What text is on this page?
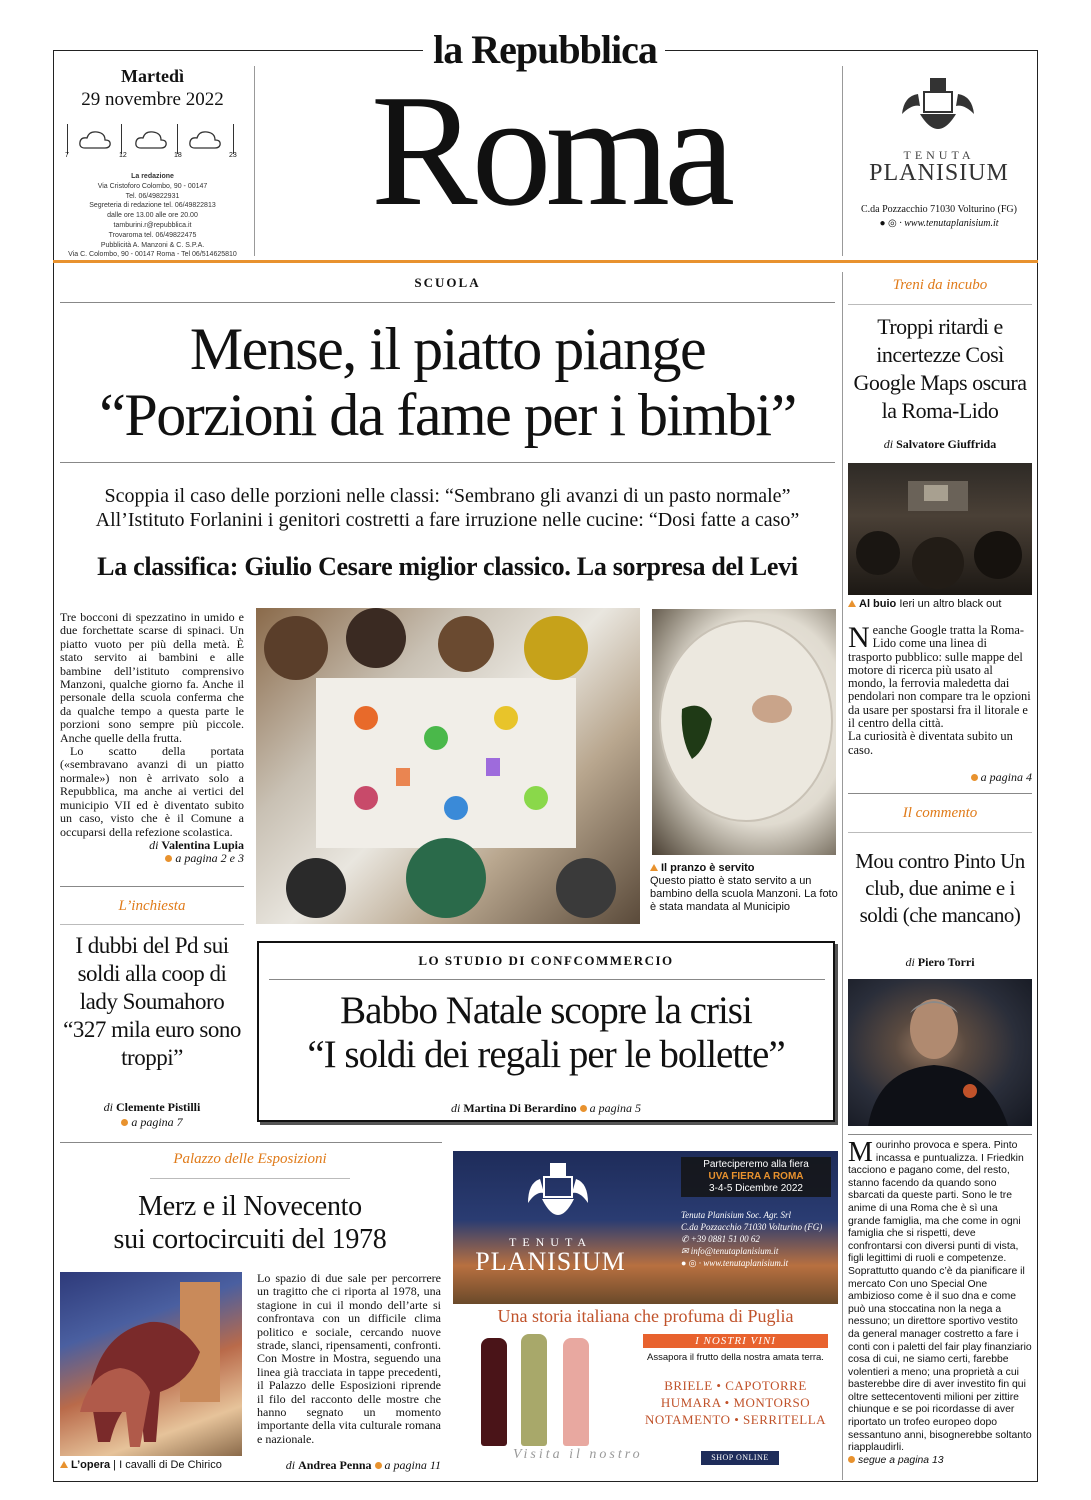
la Repubblica
Roma
Martedì
29 novembre 2022
7	12	18	23
La redazione
Via Cristoforo Colombo, 90 - 00147
Tel. 06/49822931
Segreteria di redazione tel. 06/49822813
dalle ore 13.00 alle ore 20.00
tamburini.r@repubblica.it
Trovaroma tel. 06/49822475
Pubblicità A. Manzoni & C. S.P.A.
Via C. Colombo, 90 - 00147 Roma - Tel 06/514625810
TENUTA
PLANISIUM
C.da Pozzacchio 71030 Volturino (FG)
● ◎ · www.tenutaplanisium.it
SCUOLA
Mense, il piatto piange
“Porzioni da fame per i bimbi”
Scoppia il caso delle porzioni nelle classi: “Sembrano gli avanzi di un pasto normale”
All’Istituto Forlanini i genitori costretti a fare irruzione nelle cucine: “Dosi fatte a caso”
La classifica: Giulio Cesare miglior classico. La sorpresa del Levi

Tre bocconi di spezzatino in umido e due forchettate scarse di spinaci. Un piatto vuoto per più della metà. È stato servito ai bambini e alle bambine dell’istituto comprensivo Manzoni, qualche giorno fa. Anche il personale della scuola conferma che da qualche tempo a questa parte le porzioni sono sempre più piccole. Anche quelle della frutta.

Lo scatto della portata («sembravano avanzi di un piatto normale») non è arrivato solo a Repubblica, ma anche ai vertici del municipio VII ed è diventato subito un caso, visto che è il Comune a occuparsi della refezione scolastica.

di Valentina Lupia
a pagina 2 e 3
Il pranzo è servito
Questo piatto è stato servito a un bambino della scuola Manzoni. La foto è stata mandata al Municipio
L’inchiesta
I dubbi del Pd sui soldi alla coop di lady Soumahoro “327 mila euro sono troppi”
di Clemente Pistilli
a pagina 7
LO STUDIO DI CONFCOMMERCIO
Babbo Natale scopre la crisi
“I soldi dei regali per le bollette”
di Martina Di Berardino a pagina 5
Treni da incubo
Troppi ritardi e incertezze Così Google Maps oscura la Roma-Lido
di Salvatore Giuffrida
Al buio Ieri un altro black out
Neanche Google tratta la Roma-Lido come una linea di trasporto pubblico: sulle mappe del motore di ricerca più usato al mondo, la ferrovia maledetta dai pendolari non compare tra le opzioni da usare per spostarsi fra il litorale e il centro della città.
La curiosità è diventata subito un caso.
a pagina 4
Il commento
Mou contro Pinto Un club, due anime e i soldi (che mancano)
di Piero Torri
Mourinho provoca e spera. Pinto incassa e puntualizza. I Friedkin tacciono e pagano come, del resto, stanno facendo da quando sono sbarcati da queste parti. Sono le tre anime di una Roma che è sì una grande famiglia, ma che come in ogni famiglia che si rispetti, deve confrontarsi con diversi punti di vista, figli legittimi di ruoli e competenze. Soprattutto quando c’è da pianificare il mercato Con uno Special One ambizioso come è il suo dna e come può una stoccatina non la nega a nessuno; un direttore sportivo vestito da general manager costretto a fare i conti con i paletti del fair play finanziario cosa di cui, ne siamo certi, farebbe volentieri a meno; una proprietà a cui basterebbe dire di aver investito fin qui oltre settecentoventi milioni per zittire chiunque e se poi ricordasse di aver riportato un trofeo europeo dopo sessantuno anni, bisognerebbe soltanto riapplaudirli.
segue a pagina 13
Palazzo delle Esposizioni
Merz e il Novecento
sui cortocircuiti del 1978
L’opera | I cavalli di De Chirico

Lo spazio di due sale per percorrere un tragitto che ci riporta al 1978, una stagione in cui il mondo dell’arte si confrontava con un difficile clima politico e sociale, cercando nuove strade, slanci, ripensamenti, confronti. Con Mostre in Mostra, seguendo una linea già tracciata in tappe precedenti, il Palazzo delle Esposizioni riprende il filo del racconto delle mostre che hanno segnato un momento importante della vita culturale romana e nazionale.

di Andrea Penna a pagina 11
TENUTA
PLANISIUM
Parteciperemo alla fiera
UVA FIERA A ROMA
3-4-5 Dicembre 2022
Tenuta Planisium Soc. Agr. Srl
C.da Pozzacchio 71030 Volturino (FG)
✆ +39 0881 51 00 62
✉ info@tenutaplanisium.it
● ◎ · www.tenutaplanisium.it
Una storia italiana che profuma di Puglia
I NOSTRI VINI
Assapora il frutto della nostra amata terra.
BRIELE • CAPOTORRE
HUMARA • MONTORSO
NOTAMENTO • SERRITELLA
Visita il nostro	SHOP ONLINE
